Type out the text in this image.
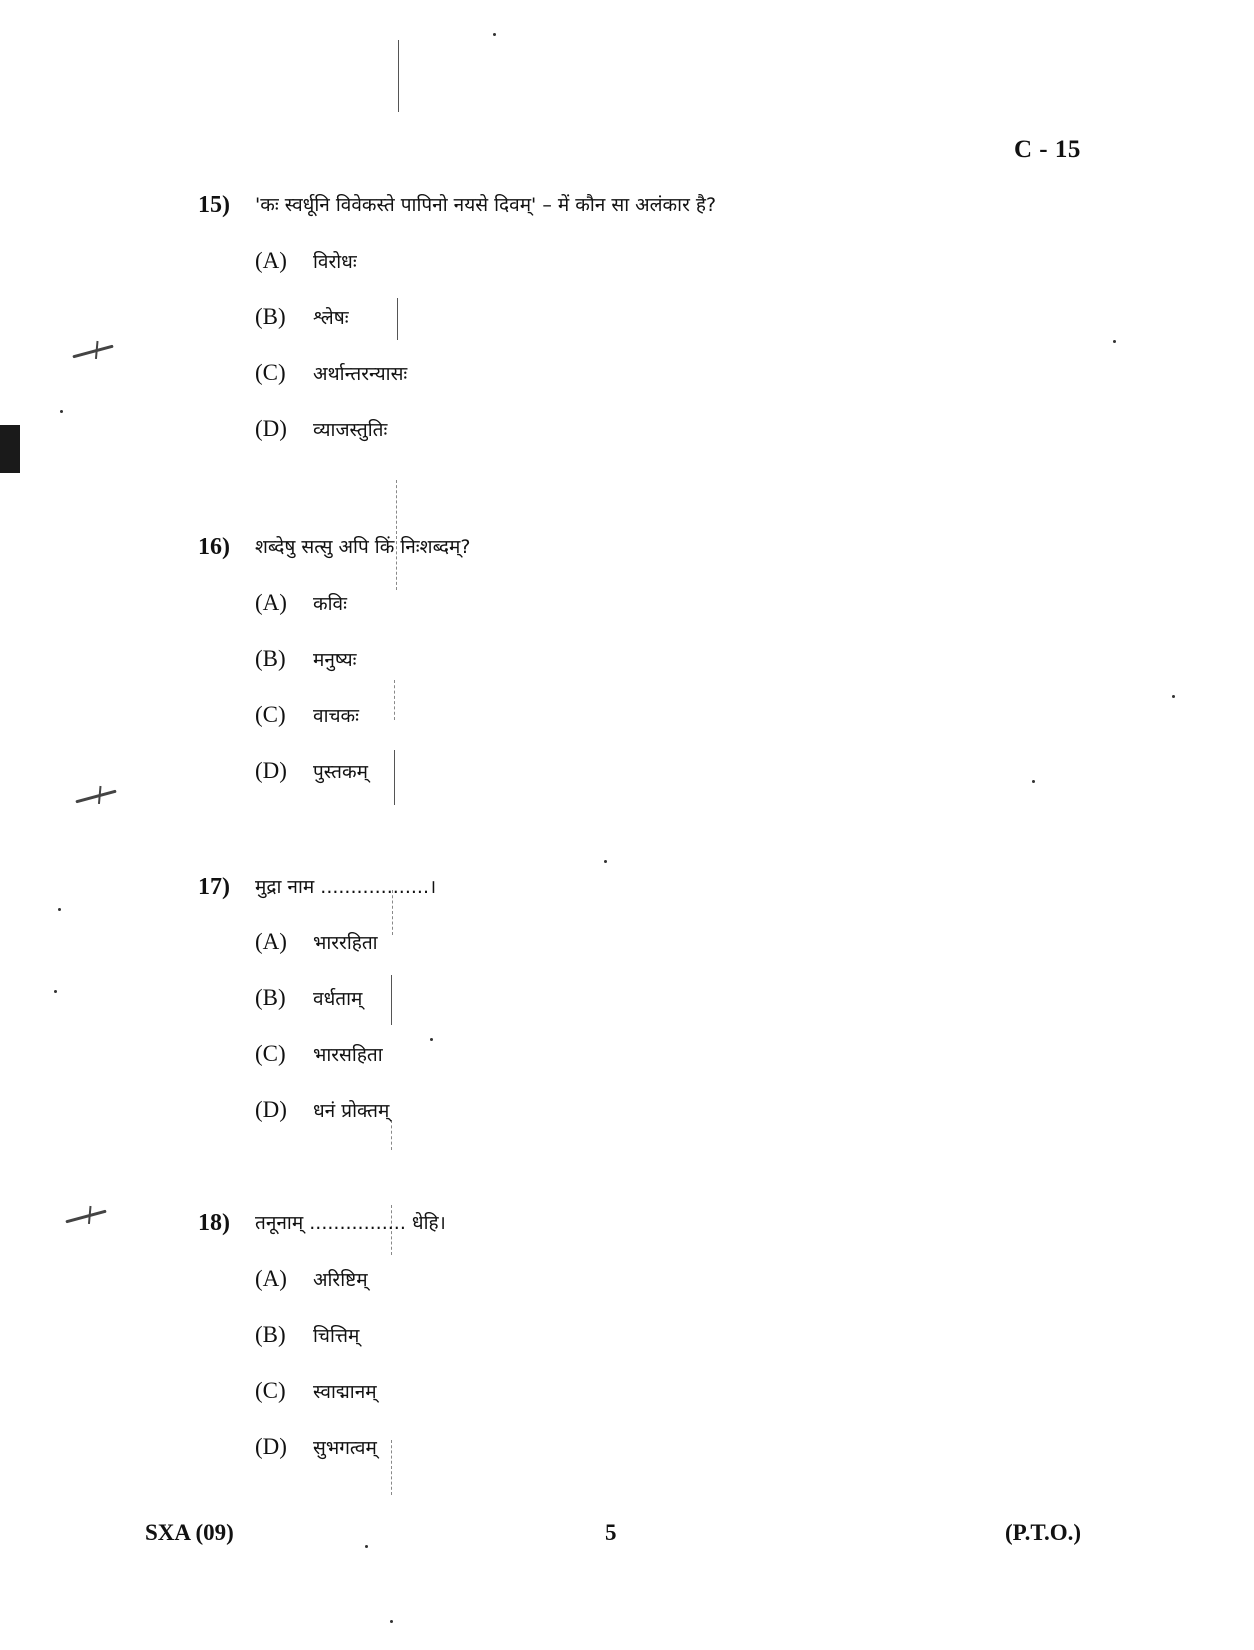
C - 15
15) 'कः स्वर्धूनि विवेकस्ते पापिनो नयसे दिवम्' – में कौन सा अलंकार है?
(A) विरोधः
(B) श्लेषः
(C) अर्थान्तरन्यासः
(D) व्याजस्तुतिः
16) शब्देषु सत्सु अपि किं निःशब्दम्?
(A) कविः
(B) मनुष्यः
(C) वाचकः
(D) पुस्तकम्
17) मुद्रा नाम ..................।
(A) भाररहिता
(B) वर्धताम्
(C) भारसहिता
(D) धनं प्रोक्तम्
18) तनूनाम् ................ धेहि।
(A) अरिष्टिम्
(B) चित्तिम्
(C) स्वाद्मानम्
(D) सुभगत्वम्
SXA (09)	5	(P.T.O.)
